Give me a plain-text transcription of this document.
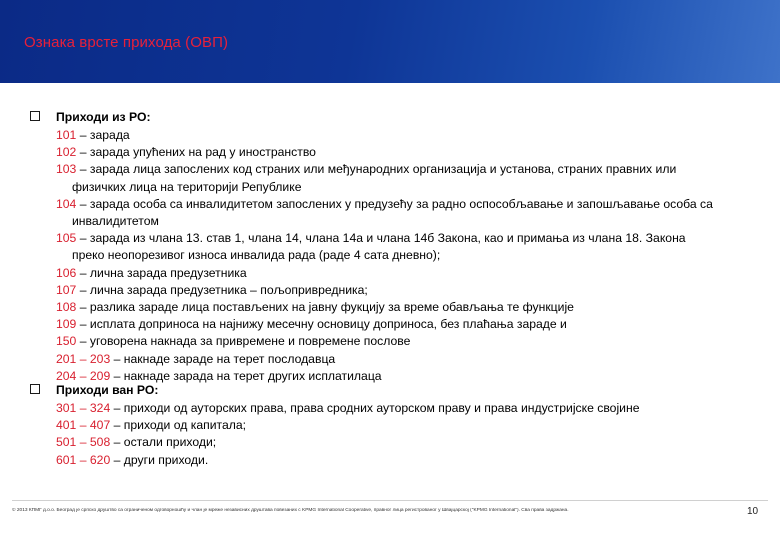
Ознака врсте прихода (ОВП)
Приходи из РО:
101 – зарада
102 – зарада упућених на рад у иностранство
103 – зарада лица запослених код страних или међународних организација и установа, страних правних или физичких лица на територији Републике
104 – зарада особа са инвалидитетом запослених у предузећу за радно оспособљавање и запошљавање особа са инвалидитетом
105 – зарада из члана 13. став 1, члана 14, члана 14а и члана 14б Закона, као и примања из члана 18. Закона преко неопорезивог износа инвалида рада (раде 4 сата дневно);
106 – лична зарада предузетника
107 – лична зарада предузетника – пољопривредника;
108 – разлика зараде лица постављених на јавну фукцију за време обављања те функције
109 – исплата доприноса на најнижу месечну основицу доприноса, без плаћања зараде и
150 – уговорена накнада за привремене и повремене послове
201 – 203 – накнаде зараде на терет послодавца
204 – 209 – накнаде зарада на терет других исплатилаца
Приходи ван РО:
301 – 324 – приходи од ауторских права, права сродних ауторском праву и права индустријске својине
401 – 407 – приходи од капитала;
501 – 508 – остали приходи;
601 – 620 – други приходи.
© 2013 КПМГ д.о.о. Београд је српско друштво са ограниченом одговорношћу и члан је мреже независних друштава повезаних с KPMG International Cooperative, правног лица регистрованог у Швајцарској ("KPMG International"). Сва права задржана.	10
